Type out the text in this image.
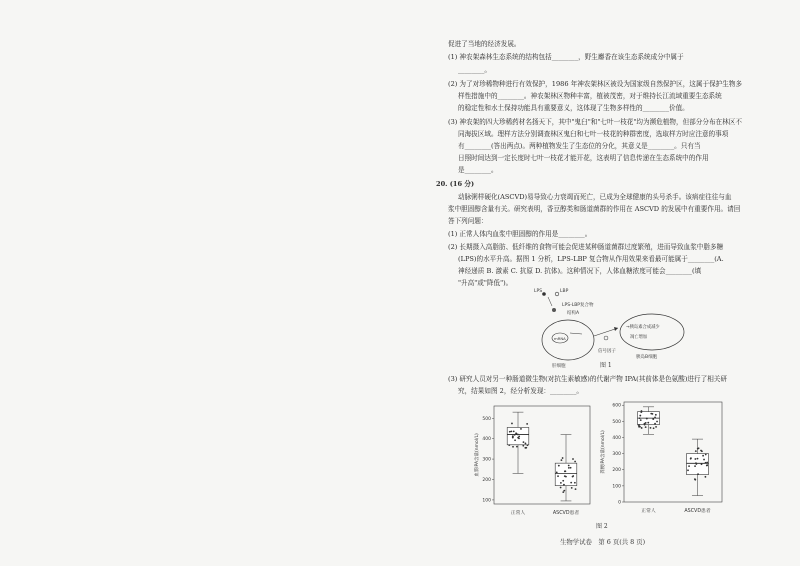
促进了当地的经济发展。
(1) 神农架森林生态系统的结构包括________，野生麝香在该生态系统成分中属于
________。
(2) 为了对珍稀物种进行有效保护，1986 年神农架林区被设为国家级自然保护区，这属于保护生物多
样性措施中的________。神农架林区物种丰富，植被茂密，对于维持长江流域重要生态系统
的稳定性和水土保持功能具有重要意义，这体现了生物多样性的________价值。
(3) 神农架的四大珍稀药材名扬天下，其中"鬼臼"和"七叶一枝花"均为濒危植物，但部分分布在林区不
同海拔区域。理样方法分别调查林区鬼臼和七叶一枝花的种群密度，选取样方时应注意的事项
有________(答出两点)。两种植物发生了生态位的分化，其意义是________。只有当
日照时间达到一定长度时七叶一枝花才能开花，这表明了信息传递在生态系统中的作用
是________。
20. (16 分)
动脉粥样硬化(ASCVD)易导致心力衰竭而死亡，已成为全球健康的头号杀手。该病症往往与血
浆中胆固醇含量有关。研究表明，香豆醇类和肠道菌群的作用在 ASCVD 的发展中有重要作用。请回
答下列问题：
(1) 正常人体内血浆中胆固醇的作用是________。
(2) 长期摄入高脂肪、低纤维的食物可能会促进某种肠道菌群过度繁殖，进而导致血浆中脂多糖
(LPS)的水平升高。据图 1 分析，LPS-LBP 复合物从作用效果来看最可能属于________(A.
神经递质 B. 激素 C. 抗原 D. 抗体)。这种情况下，人体血糖浓度可能会________(填
"升高"或"降低")。
LPS	LBP
LPS-LBP复合物
结构A
mRNA
肝细胞
信号因子
→胰岛素合成减少
凋亡增加
胰岛B细胞
图 1
(3) 研究人员对另一种肠道微生物(对抗生素敏感)的代谢产物 IPA(其前体是色氨酸)进行了相关研
究，结果如图 2，经分析发现：________。
100
200
300
400
500
血浆IPA含量(nmol/L)
正常人	ASCVD患者
0
100
200
300
400
500
600
粪便IPA含量(nmol/L)
正常人	ASCVD患者
图 2
生物学试卷　第 6 页(共 8 页)
